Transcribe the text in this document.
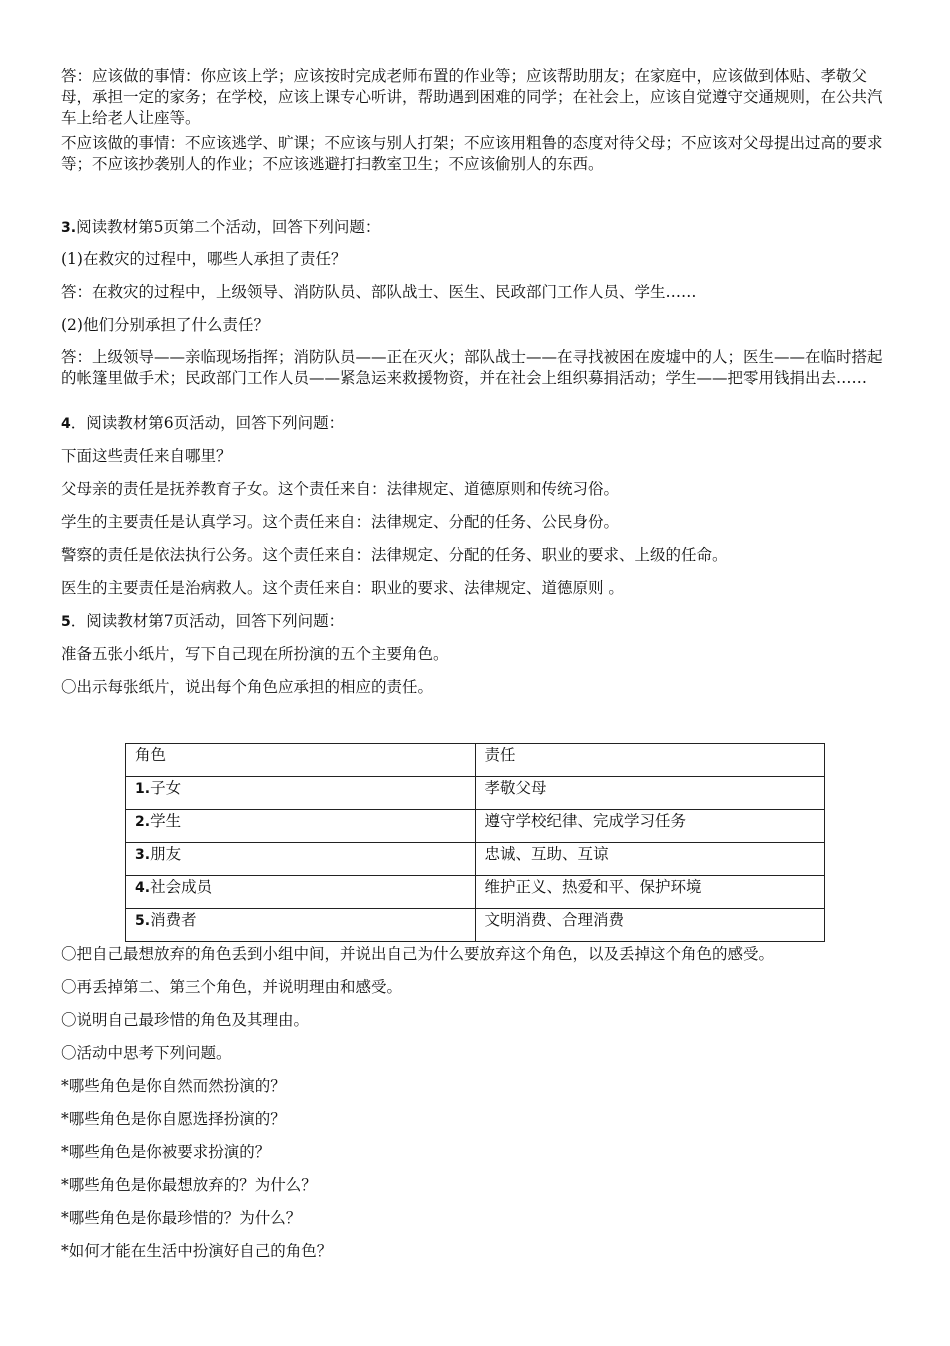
答：应该做的事情：你应该上学；应该按时完成老师布置的作业等；应该帮助朋友；在家庭中，应该做到体贴、孝敬父母，承担一定的家务；在学校，应该上课专心听讲，帮助遇到困难的同学；在社会上，应该自觉遵守交通规则，在公共汽车上给老人让座等。

不应该做的事情：不应该逃学、旷课；不应该与别人打架；不应该用粗鲁的态度对待父母；不应该对父母提出过高的要求等；不应该抄袭别人的作业；不应该逃避打扫教室卫生；不应该偷别人的东西。

3.阅读教材第5页第二个活动，回答下列问题：

(1)在救灾的过程中，哪些人承担了责任？

答：在救灾的过程中，上级领导、消防队员、部队战士、医生、民政部门工作人员、学生……

(2)他们分别承担了什么责任？

答：上级领导——亲临现场指挥；消防队员——正在灭火；部队战士——在寻找被困在废墟中的人；医生——在临时搭起的帐篷里做手术；民政部门工作人员——紧急运来救援物资，并在社会上组织募捐活动；学生——把零用钱捐出去……

4．阅读教材第6页活动，回答下列问题：

下面这些责任来自哪里？

父母亲的责任是抚养教育子女。这个责任来自：法律规定、道德原则和传统习俗。

学生的主要责任是认真学习。这个责任来自：法律规定、分配的任务、公民身份。

警察的责任是依法执行公务。这个责任来自：法律规定、分配的任务、职业的要求、上级的任命。

医生的主要责任是治病救人。这个责任来自：职业的要求、法律规定、道德原则 。

5．阅读教材第7页活动，回答下列问题：

准备五张小纸片，写下自己现在所扮演的五个主要角色。

〇出示每张纸片，说出每个角色应承担的相应的责任。

角色	责任
1.子女	孝敬父母
2.学生	遵守学校纪律、完成学习任务
3.朋友	忠诚、互助、互谅
4.社会成员	维护正义、热爱和平、保护环境
5.消费者	文明消费、合理消费

〇把自己最想放弃的角色丢到小组中间，并说出自己为什么要放弃这个角色，以及丢掉这个角色的感受。

〇再丢掉第二、第三个角色，并说明理由和感受。

〇说明自己最珍惜的角色及其理由。

〇活动中思考下列问题。

*哪些角色是你自然而然扮演的？

*哪些角色是你自愿选择扮演的？

*哪些角色是你被要求扮演的？

*哪些角色是你最想放弃的？为什么？

*哪些角色是你最珍惜的？为什么？

*如何才能在生活中扮演好自己的角色？
